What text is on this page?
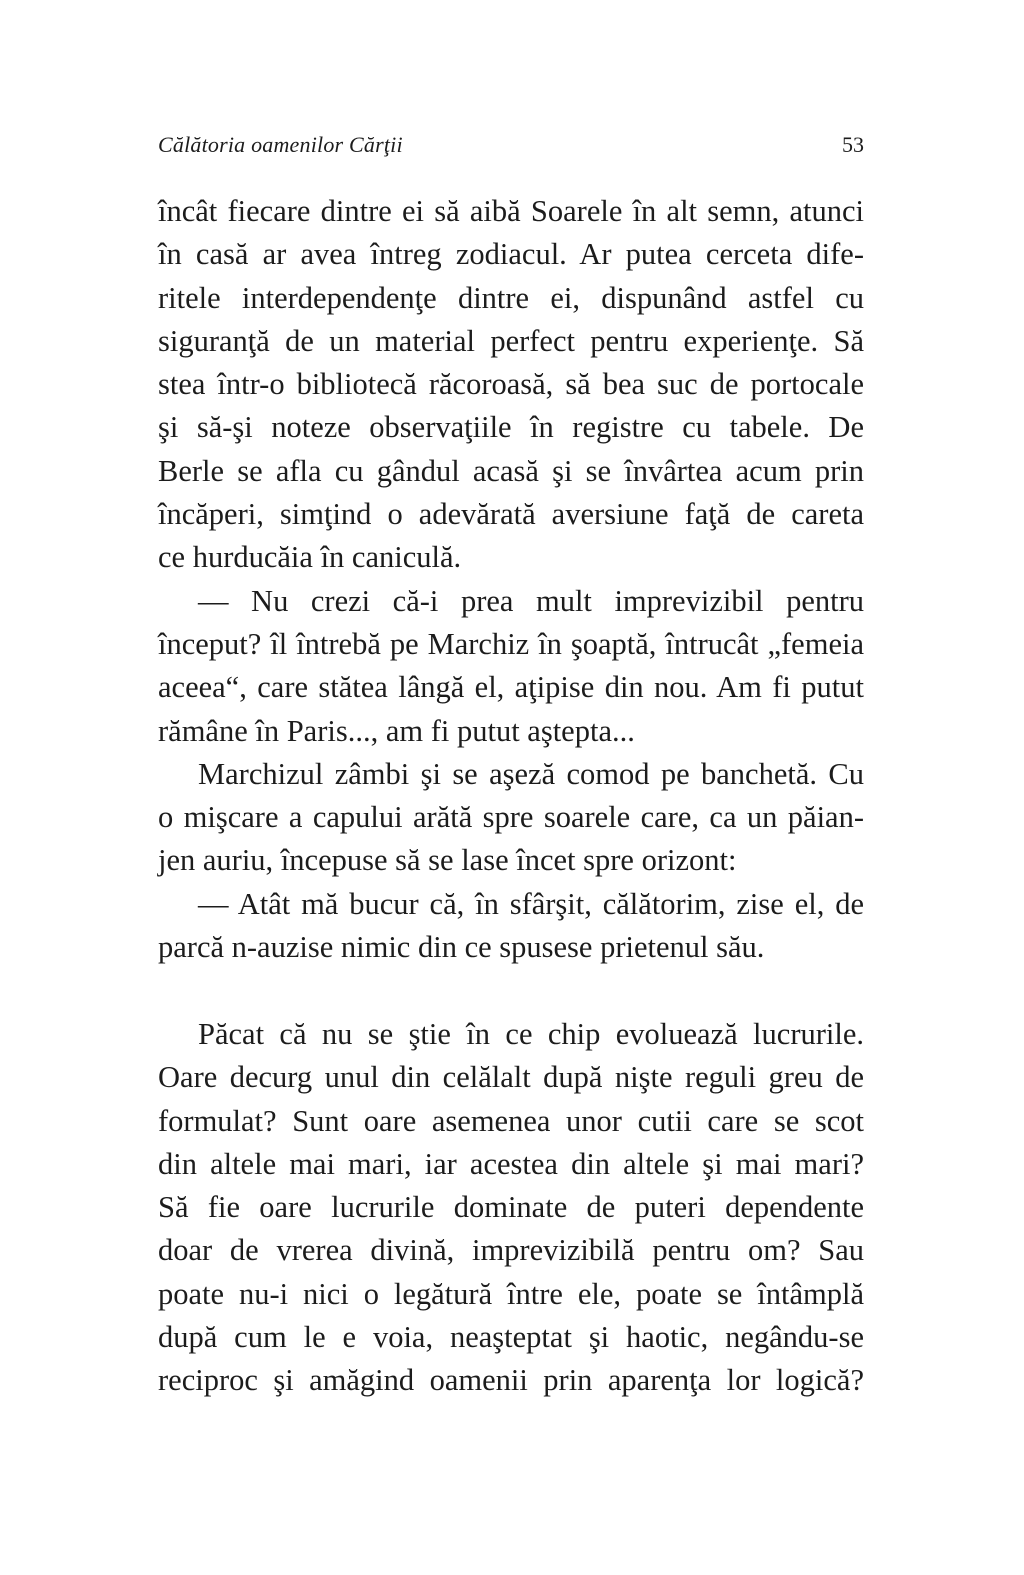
Călătoria oamenilor Cărţii	53
încât fiecare dintre ei să aibă Soarele în alt semn, atunci
în casă ar avea întreg zodiacul. Ar putea cerceta dife-
ritele interdependenţe dintre ei, dispunând astfel cu
siguranţă de un material perfect pentru experienţe. Să
stea într-o bibliotecă răcoroasă, să bea suc de portocale
şi să-şi noteze observaţiile în registre cu tabele. De
Berle se afla cu gândul acasă şi se învârtea acum prin
încăperi, simţind o adevărată aversiune faţă de careta
ce hurducăia în caniculă.
— Nu crezi că-i prea mult imprevizibil pentru
început? îl întrebă pe Marchiz în şoaptă, întrucât „femeia
aceea“, care stătea lângă el, aţipise din nou. Am fi putut
rămâne în Paris..., am fi putut aştepta...
Marchizul zâmbi şi se aşeză comod pe banchetă. Cu
o mişcare a capului arătă spre soarele care, ca un păian-
jen auriu, începuse să se lase încet spre orizont:
— Atât mă bucur că, în sfârşit, călătorim, zise el, de
parcă n-auzise nimic din ce spusese prietenul său.
Păcat că nu se ştie în ce chip evoluează lucrurile.
Oare decurg unul din celălalt după nişte reguli greu de
formulat? Sunt oare asemenea unor cutii care se scot
din altele mai mari, iar acestea din altele şi mai mari?
Să fie oare lucrurile dominate de puteri dependente
doar de vrerea divină, imprevizibilă pentru om? Sau
poate nu-i nici o legătură între ele, poate se întâmplă
după cum le e voia, neaşteptat şi haotic, negându-se
reciproc şi amăgind oamenii prin aparenţa lor logică?
